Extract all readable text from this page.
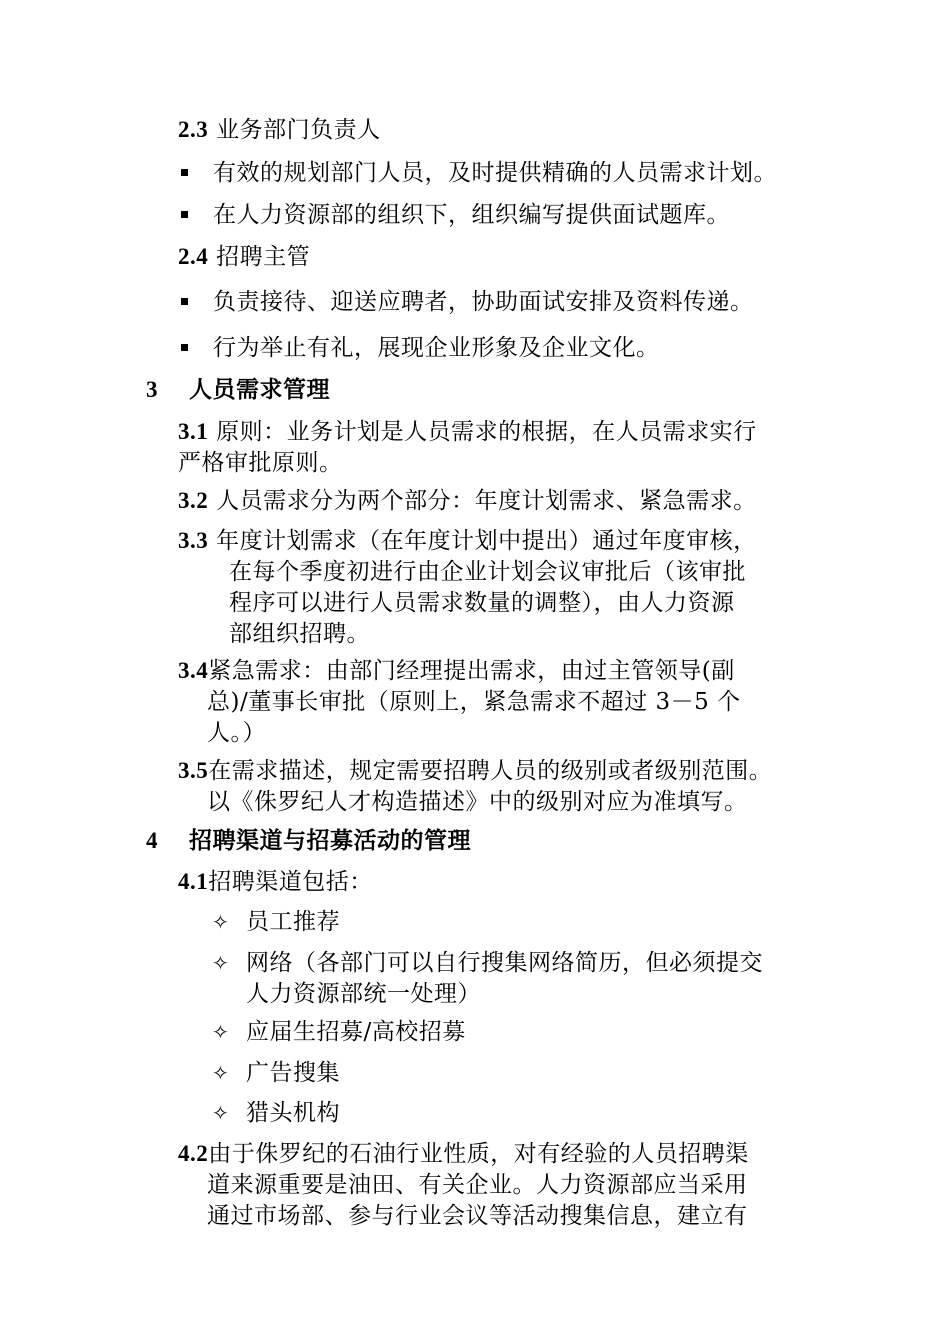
2.3 业务部门负责人
有效的规划部门人员，及时提供精确的人员需求计划。
在人力资源部的组织下，组织编写提供面试题库。
2.4 招聘主管
负责接待、迎送应聘者，协助面试安排及资料传递。
行为举止有礼，展现企业形象及企业文化。
3 人员需求管理
3.1 原则：业务计划是人员需求的根据，在人员需求实行
严格审批原则。
3.2 人员需求分为两个部分：年度计划需求、紧急需求。
3.3 年度计划需求（在年度计划中提出）通过年度审核，
在每个季度初进行由企业计划会议审批后（该审批
程序可以进行人员需求数量的调整），由人力资源
部组织招聘。
3.4紧急需求：由部门经理提出需求，由过主管领导(副
总)/董事长审批（原则上，紧急需求不超过 3－5 个
人。）
3.5在需求描述，规定需要招聘人员的级别或者级别范围。
以《侏罗纪人才构造描述》中的级别对应为准填写。
4 招聘渠道与招募活动的管理
4.1招聘渠道包括：
✧ 员工推荐
✧ 网络（各部门可以自行搜集网络简历，但必须提交
人力资源部统一处理）
✧ 应届生招募/高校招募
✧ 广告搜集
✧ 猎头机构
4.2由于侏罗纪的石油行业性质，对有经验的人员招聘渠
道来源重要是油田、有关企业。人力资源部应当采用
通过市场部、参与行业会议等活动搜集信息，建立有
